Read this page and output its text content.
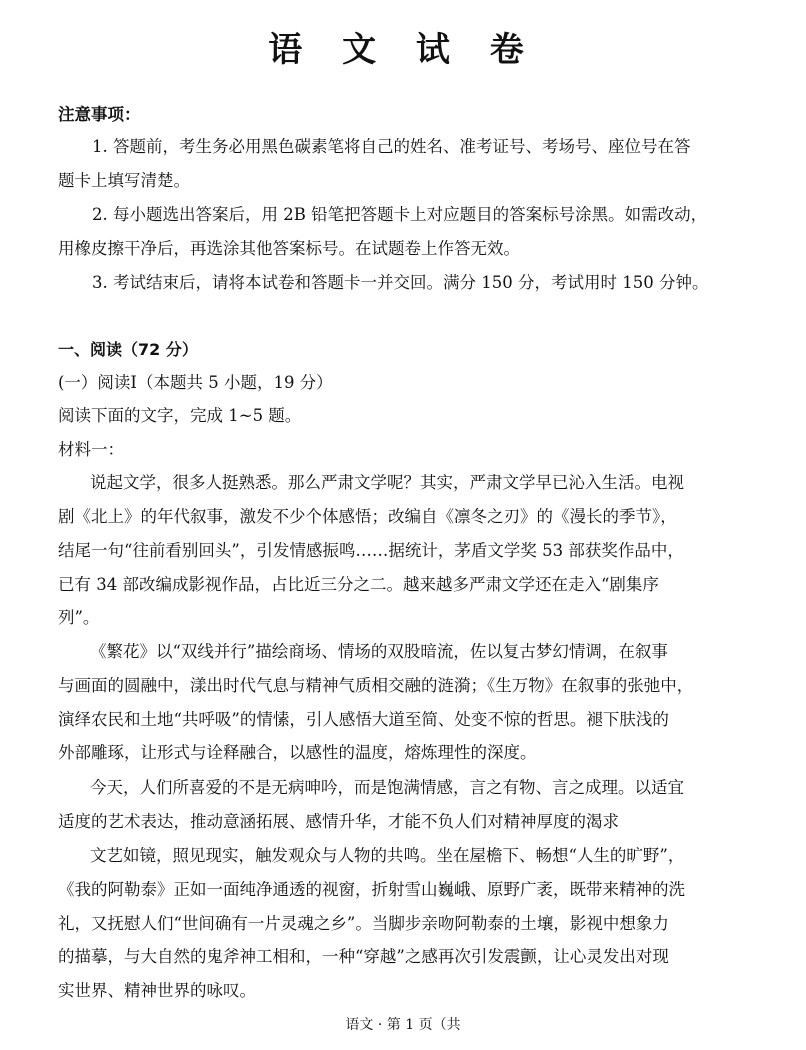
语 文 试 卷
注意事项：
1. 答题前，考生务必用黑色碳素笔将自己的姓名、准考证号、考场号、座位号在答
题卡上填写清楚。
2. 每小题选出答案后，用 2B 铅笔把答题卡上对应题目的答案标号涂黑。如需改动，
用橡皮擦干净后，再选涂其他答案标号。在试题卷上作答无效。
3. 考试结束后，请将本试卷和答题卡一并交回。满分 150 分，考试用时 150 分钟。
一、阅读（72 分）
(一）阅读Ⅰ（本题共 5 小题，19 分）
阅读下面的文字，完成 1~5 题。
材料一：
说起文学，很多人挺熟悉。那么严肃文学呢？其实，严肃文学早已沁入生活。电视
剧《北上》的年代叙事，激发不少个体感悟；改编自《凛冬之刃》的《漫长的季节》，
结尾一句“往前看别回头”，引发情感振鸣……据统计，茅盾文学奖 53 部获奖作品中，
已有 34 部改编成影视作品，占比近三分之二。越来越多严肃文学还在走入“剧集序
列”。
《繁花》以“双线并行”描绘商场、情场的双股暗流，佐以复古梦幻情调，在叙事
与画面的圆融中，漾出时代气息与精神气质相交融的涟漪；《生万物》在叙事的张弛中，
演绎农民和土地“共呼吸”的情愫，引人感悟大道至简、处变不惊的哲思。褪下肤浅的
外部雕琢，让形式与诠释融合，以感性的温度，熔炼理性的深度。
今天，人们所喜爱的不是无病呻吟，而是饱满情感，言之有物、言之成理。以适宜
适度的艺术表达，推动意涵拓展、感情升华，才能不负人们对精神厚度的渴求
文艺如镜，照见现实，触发观众与人物的共鸣。坐在屋檐下、畅想“人生的旷野”，
《我的阿勒泰》正如一面纯净通透的视窗，折射雪山巍峨、原野广袤，既带来精神的洗
礼，又抚慰人们“世间确有一片灵魂之乡”。当脚步亲吻阿勒泰的土壤，影视中想象力
的描摹，与大自然的鬼斧神工相和，一种“穿越”之感再次引发震颤，让心灵发出对现
实世界、精神世界的咏叹。
语文 · 第 1 页（共
